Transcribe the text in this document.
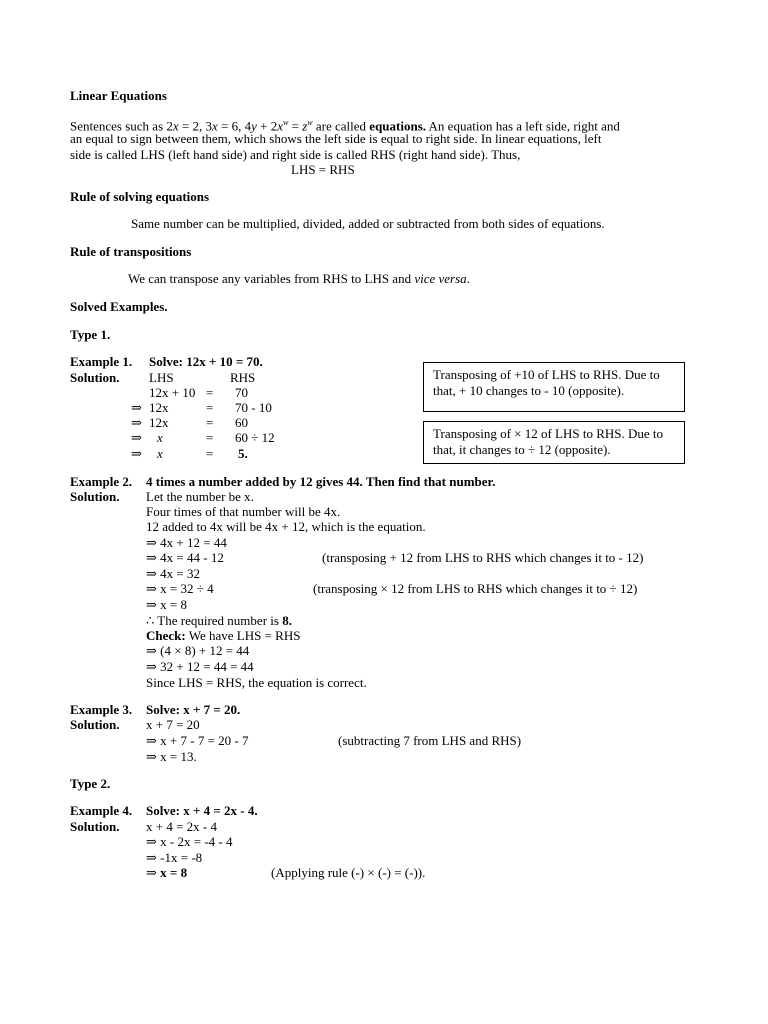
Linear Equations
Sentences such as 2x = 2, 3x = 6, $4y + 2x^w = z^w$ are called equations. An equation has a left side, right and
an equal to sign between them, which shows the left side is equal to right side. In linear equations, left
side is called LHS (left hand side) and right side is called RHS (right hand side). Thus,
LHS = RHS
Rule of solving equations
Same number can be multiplied, divided, added or subtracted from both sides of equations.
Rule of transpositions
We can transpose any variables from RHS to LHS and vice versa.
Solved Examples.
Type 1.
Example 1. Solve: 12x + 10 = 70.
Solution. LHS	RHS
12x + 10 = 70
⇒ 12x	= 70 - 10
⇒ 12x	= 60
⇒ x	= 60 ÷ 12
⇒ x	= 5.
Transposing of +10 of LHS to RHS. Due to that, + 10 changes to - 10 (opposite).
Transposing of × 12 of LHS to RHS. Due to that, it changes to ÷ 12 (opposite).
Example 2. 4 times a number added by 12 gives 44. Then find that number.
Solution. Let the number be x.
Four times of that number will be 4x.
12 added to 4x will be 4x + 12, which is the equation.
⇒ 4x + 12 = 44
⇒ 4x = 44 - 12	(transposing + 12 from LHS to RHS which changes it to - 12)
⇒ 4x = 32
⇒ x = 32 ÷ 4	(transposing × 12 from LHS to RHS which changes it to ÷ 12)
⇒ x = 8
∴ The required number is 8.
Check: We have LHS = RHS
⇒ (4 × 8) + 12 = 44
⇒ 32 + 12 = 44 = 44
Since LHS = RHS, the equation is correct.
Example 3. Solve: x + 7 = 20.
Solution. x + 7 = 20
⇒ x + 7 - 7 = 20 - 7	(subtracting 7 from LHS and RHS)
⇒ x = 13.
Type 2.
Example 4. Solve: x + 4 = 2x - 4.
Solution. x + 4 = 2x - 4
⇒ x - 2x = -4 - 4
⇒ -1x = -8
⇒ x = 8	(Applying rule (-) × (-) = (-)).
